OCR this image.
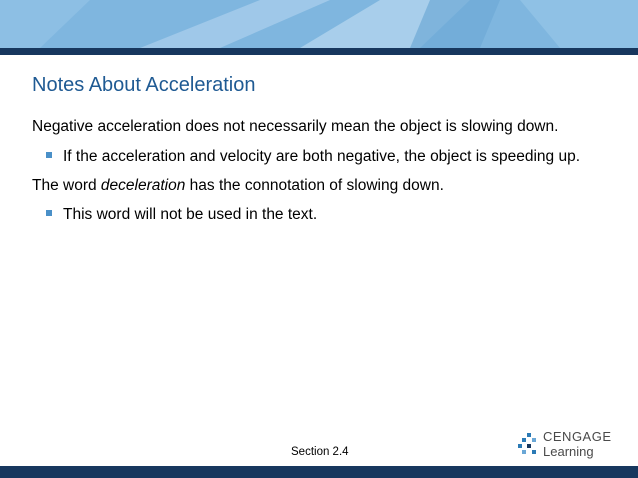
Notes About Acceleration
Negative acceleration does not necessarily mean the object is slowing down.
If the acceleration and velocity are both negative, the object is speeding up.
The word deceleration has the connotation of slowing down.
This word will not be used in the text.
Section 2.4
CENGAGE
Learning
